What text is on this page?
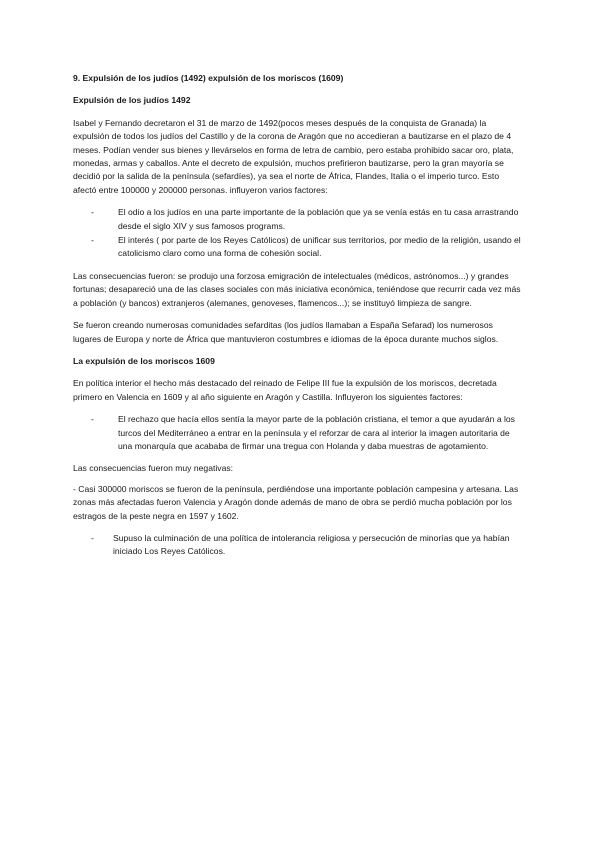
9. Expulsión de los judíos (1492) expulsión de los moriscos (1609)
Expulsión de los judíos 1492

Isabel y Fernando decretaron el 31 de marzo de 1492(pocos meses después de la conquista de Granada) la expulsión de todos los judíos del Castillo y de la corona de Aragón que no accedieran a bautizarse en el plazo de 4 meses. Podían vender sus bienes y llevárselos en forma de letra de cambio, pero estaba prohibido sacar oro, plata, monedas, armas y caballos. Ante el decreto de expulsión, muchos prefirieron bautizarse, pero la gran mayoría se decidió por la salida de la península (sefardíes), ya sea el norte de África, Flandes, Italia o el imperio turco. Esto afectó entre 100000 y 200000 personas. influyeron varios factores:

-	El odio a los judíos en una parte importante de la población que ya se venía estás en tu casa arrastrando desde el siglo XIV y sus famosos programs.
-	El interés ( por parte de los Reyes Católicos) de unificar sus territorios, por medio de la religión, usando el catolicismo claro como una forma de cohesión social.

Las consecuencias fueron: se produjo una forzosa emigración de intelectuales (médicos, astrónomos...) y grandes fortunas; desapareció una de las clases sociales con más iniciativa económica, teniéndose que recurrir cada vez más a población (y bancos) extranjeros (alemanes, genoveses, flamencos...); se instituyó limpieza de sangre.

Se fueron creando numerosas comunidades sefarditas (los judíos llamaban a España Sefarad) los numerosos lugares de Europa y norte de África que mantuvieron costumbres e idiomas de la época durante muchos siglos.

La expulsión de los moriscos 1609

En política interior el hecho más destacado del reinado de Felipe III fue la expulsión de los moriscos, decretada primero en Valencia en 1609 y al año siguiente en Aragón y Castilla. Influyeron los siguientes factores:

-	El rechazo que hacía ellos sentía la mayor parte de la población cristiana, el temor a que ayudarán a los turcos del Mediterráneo a entrar en la península y el reforzar de cara al interior la imagen autoritaria de una monarquía que acababa de firmar una tregua con Holanda y daba muestras de agotamiento.

Las consecuencias fueron muy negativas:

- Casi 300000 moriscos se fueron de la península, perdiéndose una importante población campesina y artesana. Las zonas más afectadas fueron Valencia y Aragón donde además de mano de obra se perdió mucha población por los estragos de la peste negra en 1597 y 1602.

- Supuso la culminación de una política de intolerancia religiosa y persecución de minorías que ya habían iniciado Los Reyes Católicos.
